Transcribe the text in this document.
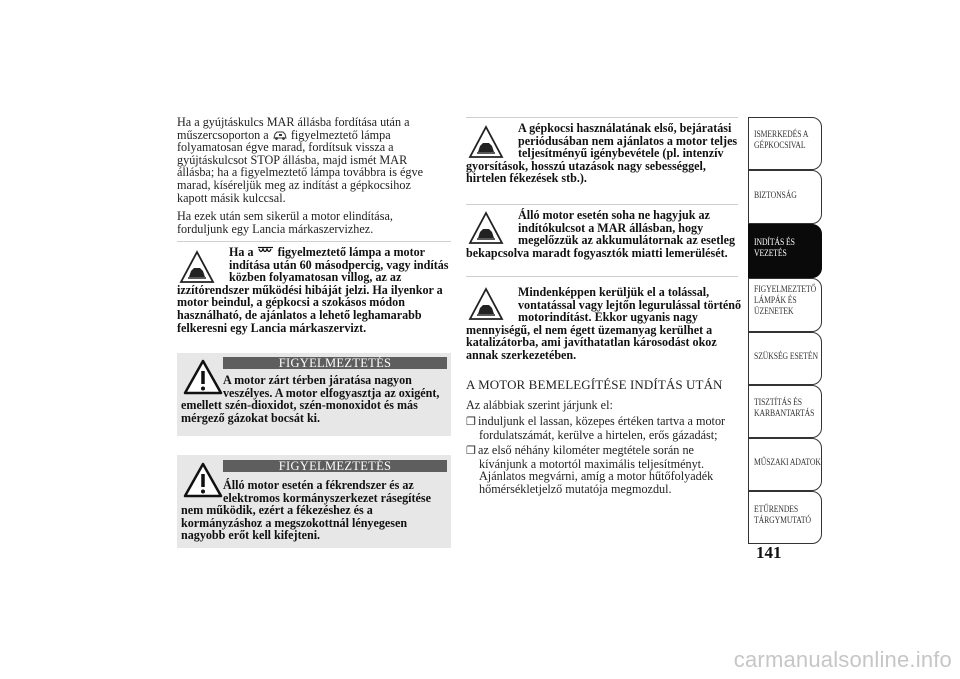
Ha a gyújtáskulcs MAR állásba fordítása után a

műszercsoporton a figyelmeztető lámpa

folyamatosan égve marad, fordítsuk vissza a

gyújtáskulcsot STOP állásba, majd ismét MAR

állásba; ha a figyelmeztető lámpa továbbra is égve

marad, kíséreljük meg az indítást a gépkocsihoz

kapott másik kulccsal.

Ha ezek után sem sikerül a motor elindítása,

forduljunk egy Lancia márkaszervizhez.

Ha a figyelmeztető lámpa a motor
indítása után 60 másodpercig, vagy indítás
közben folyamatosan villog, az az
izzítórendszer működési hibáját jelzi. Ha ilyenkor a
motor beindul, a gépkocsi a szokásos módon
használható, de ajánlatos a lehető leghamarabb
felkeresni egy Lancia márkaszervizt.
FIGYELMEZTETÉS
A motor zárt térben járatása nagyon
veszélyes. A motor elfogyasztja az oxigént,
emellett szén-dioxidot, szén-monoxidot és más
mérgező gázokat bocsát ki.
FIGYELMEZTETÉS
Álló motor esetén a fékrendszer és az
elektromos kormányszerkezet rásegítése
nem működik, ezért a fékezéshez és a
kormányzáshoz a megszokottnál lényegesen
nagyobb erőt kell kifejteni.
A gépkocsi használatának első, bejáratási
periódusában nem ajánlatos a motor teljes
teljesítményű igénybevétele (pl. intenzív
gyorsítások, hosszú utazások nagy sebességgel,
hirtelen fékezések stb.).
Álló motor esetén soha ne hagyjuk az
indítókulcsot a MAR állásban, hogy
megelőzzük az akkumulátornak az esetleg
bekapcsolva maradt fogyasztók miatti lemerülését.
Mindenképpen kerüljük el a tolással,
vontatással vagy lejtőn legurulással történő
motorindítást. Ekkor ugyanis nagy
mennyiségű, el nem égett üzemanyag kerülhet a
katalizátorba, ami javíthatatlan károsodást okoz
annak szerkezetében.
A MOTOR BEMELEGÍTÉSE INDÍTÁS UTÁN

Az alábbiak szerint járjunk el:

❐ induljunk el lassan, közepes értéken tartva a motor
fordulatszámát, kerülve a hirtelen, erős gázadást;
❐ az első néhány kilométer megtétele során ne
kívánjunk a motortól maximális teljesítményt.
Ajánlatos megvárni, amíg a motor hűtőfolyadék
hőmérsékletjelző mutatója megmozdul.
ISMERKEDÉS A
GÉPKOCSIVAL
BIZTONSÁG
INDÍTÁS ÉS
VEZETÉS
FIGYELMEZTETŐ
LÁMPÁK ÉS
ÜZENETEK
SZÜKSÉG ESETÉN
TISZTÍTÁS ÉS
KARBANTARTÁS
MŰSZAKI ADATOK
ETŰRENDES
TÁRGYMUTATÓ
141
carmanualsonline.info
